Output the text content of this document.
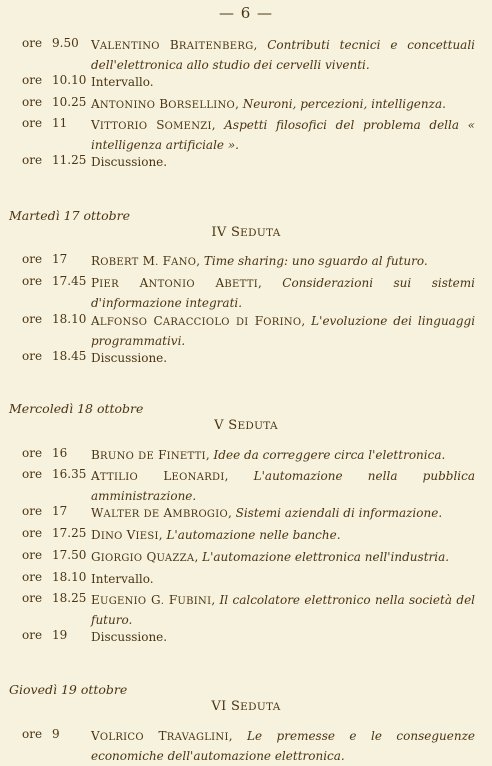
— 6 —
ore 9.50 VALENTINO BRAITENBERG, Contributi tecnici e concettuali dell'elettronica allo studio dei cervelli viventi.
ore 10.10 Intervallo.
ore 10.25 ANTONINO BORSELLINO, Neuroni, percezioni, intelligenza.
ore 11 VITTORIO SOMENZI, Aspetti filosofici del problema della « intelligenza artificiale ».
ore 11.25 Discussione.
Martedì 17 ottobre
IV SEDUTA
ore 17 ROBERT M. FANO, Time sharing: uno sguardo al futuro.
ore 17.45 PIER ANTONIO ABETTI, Considerazioni sui sistemi d'informazione integrati.
ore 18.10 ALFONSO CARACCIOLO DI FORINO, L'evoluzione dei linguaggi programmativi.
ore 18.45 Discussione.
Mercoledì 18 ottobre
V SEDUTA
ore 16 BRUNO DE FINETTI, Idee da correggere circa l'elettronica.
ore 16.35 ATTILIO LEONARDI, L'automazione nella pubblica amministrazione.
ore 17 WALTER DE AMBROGIO, Sistemi aziendali di informazione.
ore 17.25 DINO VIESI, L'automazione nelle banche.
ore 17.50 GIORGIO QUAZZA, L'automazione elettronica nell'industria.
ore 18.10 Intervallo.
ore 18.25 EUGENIO G. FUBINI, Il calcolatore elettronico nella società del futuro.
ore 19 Discussione.
Giovedì 19 ottobre
VI SEDUTA
ore 9	VOLRICO TRAVAGLINI, Le premesse e le conseguenze economiche dell'automazione elettronica.
